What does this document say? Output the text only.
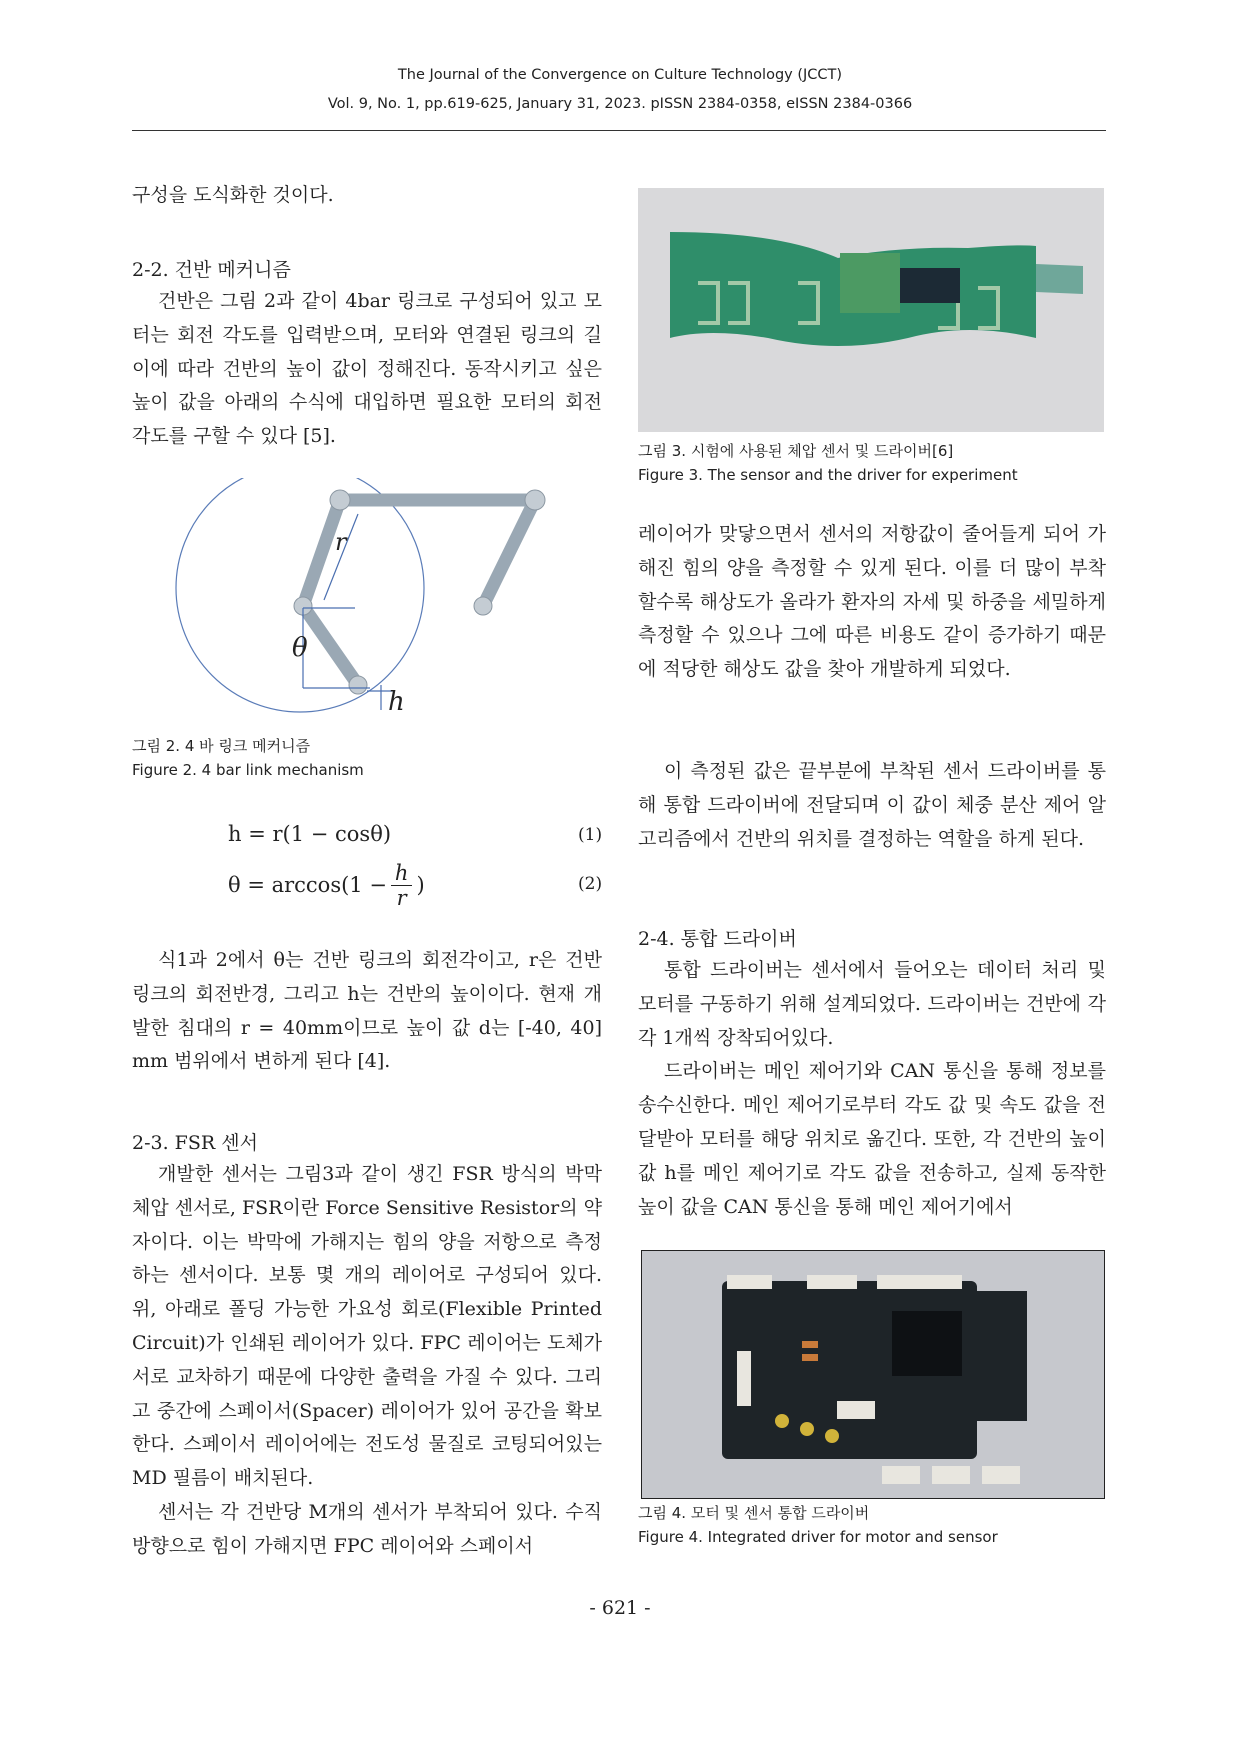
The Journal of the Convergence on Culture Technology (JCCT)
Vol. 9, No. 1, pp.619-625, January 31, 2023. pISSN 2384-0358, eISSN 2384-0366
구성을 도식화한 것이다.
2-2. 건반 메커니즘

건반은 그림 2과 같이 4bar 링크로 구성되어 있고 모터는 회전 각도를 입력받으며, 모터와 연결된 링크의 길이에 따라 건반의 높이 값이 정해진다. 동작시키고 싶은 높이 값을 아래의 수식에 대입하면 필요한 모터의 회전 각도를 구할 수 있다 [5].

r
θ
h
그림 2. 4 바 링크 메커니즘
Figure 2. 4 bar link mechanism
h = r(1 − cosθ)	(1)
$\theta = \arccos(1 - \frac{h}{r}$ )	(2)

식1과 2에서 θ는 건반 링크의 회전각이고, r은 건반 링크의 회전반경, 그리고 h는 건반의 높이이다. 현재 개발한 침대의 r = 40mm이므로 높이 값 d는 [-40, 40] mm 범위에서 변하게 된다 [4].

2-3. FSR 센서

개발한 센서는 그림3과 같이 생긴 FSR 방식의 박막 체압 센서로, FSR이란 Force Sensitive Resistor의 약자이다. 이는 박막에 가해지는 힘의 양을 저항으로 측정하는 센서이다. 보통 몇 개의 레이어로 구성되어 있다. 위, 아래로 폴딩 가능한 가요성 회로(Flexible Printed Circuit)가 인쇄된 레이어가 있다. FPC 레이어는 도체가 서로 교차하기 때문에 다양한 출력을 가질 수 있다. 그리고 중간에 스페이서(Spacer) 레이어가 있어 공간을 확보한다. 스페이서 레이어에는 전도성 물질로 코팅되어있는 MD 필름이 배치된다.

센서는 각 건반당 M개의 센서가 부착되어 있다. 수직 방향으로 힘이 가해지면 FPC 레이어와 스페이서

그림 3. 시험에 사용된 체압 센서 및 드라이버[6]
Figure 3. The sensor and the driver for experiment

레이어가 맞닿으면서 센서의 저항값이 줄어들게 되어 가해진 힘의 양을 측정할 수 있게 된다. 이를 더 많이 부착할수록 해상도가 올라가 환자의 자세 및 하중을 세밀하게 측정할 수 있으나 그에 따른 비용도 같이 증가하기 때문에 적당한 해상도 값을 찾아 개발하게 되었다.

이 측정된 값은 끝부분에 부착된 센서 드라이버를 통해 통합 드라이버에 전달되며 이 값이 체중 분산 제어 알고리즘에서 건반의 위치를 결정하는 역할을 하게 된다.

2-4. 통합 드라이버

통합 드라이버는 센서에서 들어오는 데이터 처리 및 모터를 구동하기 위해 설계되었다. 드라이버는 건반에 각각 1개씩 장착되어있다.

드라이버는 메인 제어기와 CAN 통신을 통해 정보를 송수신한다. 메인 제어기로부터 각도 값 및 속도 값을 전달받아 모터를 해당 위치로 옮긴다. 또한, 각 건반의 높이 값 h를 메인 제어기로 각도 값을 전송하고, 실제 동작한 높이 값을 CAN 통신을 통해 메인 제어기에서

그림 4. 모터 및 센서 통합 드라이버
Figure 4. Integrated driver for motor and sensor
- 621 -
